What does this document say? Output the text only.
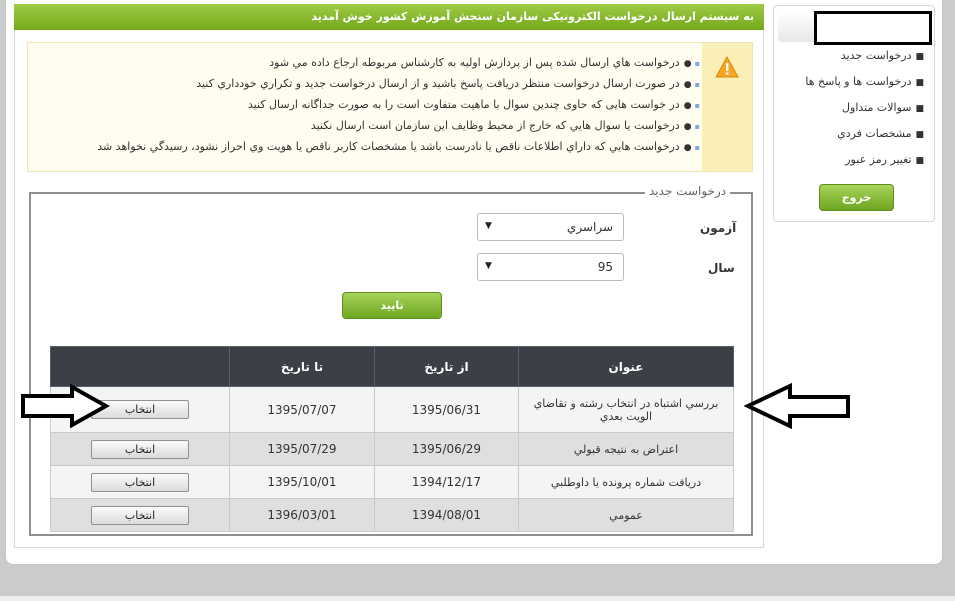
■درخواست جديد
■درخواست ها و پاسخ ها
■سوالات متداول
■مشخصات فردي
■تغيير رمز عبور
خروج
به سيستم ارسال درخواست الكترونيكی سازمان سنجش آموزش كشور خوش آمديد
▪●درخواست هاي ارسال شده پس از پردازش اوليه به كارشناس مربوطه ارجاع داده مي شود
▪●در صورت ارسال درخواست منتظر دريافت پاسخ باشيد و از ارسال درخواست جديد و تكراري خودداري كنيد
▪●در خواست هایی كه حاوی چندين سوال با ماهيت متفاوت است را به صورت جداگانه ارسال كنيد
▪●درخواست يا سوال هايي كه خارج از محيط وظايف اين سازمان است ارسال نكنيد
▪●درخواست هايي كه داراي اطلاعات ناقص يا نادرست باشد يا مشخصات كاربر ناقص يا هويت وي احراز نشود، رسيدگي نخواهد شد
درخواست جديد
آزمون
سراسري
▼
سال
95
▼
تاييد
	تا تاريخ	از تاريخ	عنوان
انتخاب	1395/07/07	1395/06/31	بررسي اشتباه در انتخاب رشته و تقاضاي الويت بعدي
انتخاب	1395/07/29	1395/06/29	اعتراض به نتيجه قبولي
انتخاب	1395/10/01	1394/12/17	دريافت شماره پرونده يا داوطلبي
انتخاب	1396/03/01	1394/08/01	عمومي
